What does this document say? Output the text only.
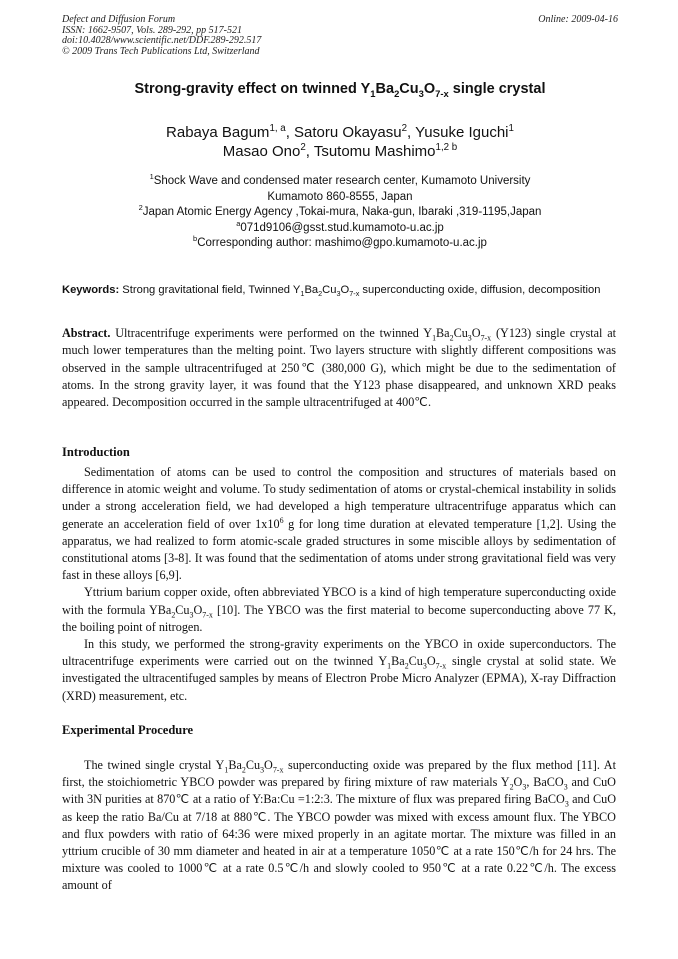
Defect and Diffusion Forum
ISSN: 1662-9507, Vols. 289-292, pp 517-521
doi:10.4028/www.scientific.net/DDF.289-292.517
© 2009 Trans Tech Publications Ltd, Switzerland
Online: 2009-04-16
Strong-gravity effect on twinned $Y_1Ba_2Cu_3O_{7-x}$ single crystal
Rabaya Bagum$^{1, a}$, Satoru Okayasu$^2$, Yusuke Iguchi$^1$
Masao Ono$^2$, Tsutomu Mashimo$^{1,2 b}$
$^1$Shock Wave and condensed mater research center, Kumamoto University
Kumamoto 860-8555, Japan
$^2$Japan Atomic Energy Agency ,Tokai-mura, Naka-gun, Ibaraki ,319-1195,Japan
$^a$071d9106@gsst.stud.kumamoto-u.ac.jp
$^b$Corresponding author: mashimo@gpo.kumamoto-u.ac.jp
Keywords: Strong gravitational field, Twinned $Y_1Ba_2Cu_3O_{7-x}$ superconducting oxide, diffusion, decomposition
Abstract. Ultracentrifuge experiments were performed on the twinned $Y_1Ba_2Cu_3O_{7-x}$ (Y123) single crystal at much lower temperatures than the melting point. Two layers structure with slightly different compositions was observed in the sample ultracentrifuged at 250℃ (380,000 G), which might be due to the sedimentation of atoms. In the strong gravity layer, it was found that the Y123 phase disappeared, and unknown XRD peaks appeared. Decomposition occurred in the sample ultracentrifuged at 400℃.
Introduction

Sedimentation of atoms can be used to control the composition and structures of materials based on difference in atomic weight and volume. To study sedimentation of atoms or crystal-chemical instability in solids under a strong acceleration field, we had developed a high temperature ultracentrifuge apparatus which can generate an acceleration field of over $1x10^6$ g for long time duration at elevated temperature [1,2]. Using the apparatus, we had realized to form atomic-scale graded structures in some miscible alloys by sedimentation of constitutional atoms [3-8]. It was found that the sedimentation of atoms under strong gravitational field was very fast in these alloys [6,9].

Yttrium barium copper oxide, often abbreviated YBCO is a kind of high temperature superconducting oxide with the formula $YBa_2Cu_3O_{7-x}$ [10]. The YBCO was the first material to become superconducting above 77 K, the boiling point of nitrogen.

In this study, we performed the strong-gravity experiments on the YBCO in oxide superconductors. The ultracentrifuge experiments were carried out on the twinned $Y_1Ba_2Cu_3O_{7-x}$ single crystal at solid state. We investigated the ultracentifuged samples by means of Electron Probe Micro Analyzer (EPMA), X-ray Diffraction (XRD) measurement, etc.

Experimental Procedure

The twined single crystal $Y_1Ba_2Cu_3O_{7-x}$ superconducting oxide was prepared by the flux method [11]. At first, the stoichiometric YBCO powder was prepared by firing mixture of raw materials $Y_2O_3$, BaCO$_3$ and CuO with 3N purities at 870℃ at a ratio of Y:Ba:Cu =1:2:3. The mixture of flux was prepared firing BaCO$_3$ and CuO as keep the ratio Ba/Cu at 7/18 at 880℃. The YBCO powder was mixed with excess amount flux. The YBCO and flux powders with ratio of 64:36 were mixed properly in an agitate mortar. The mixture was filled in an yttrium crucible of 30 mm diameter and heated in air at a temperature 1050℃ at a rate 150℃/h for 24 hrs. The mixture was cooled to 1000℃ at a rate 0.5℃/h and slowly cooled to 950℃ at a rate 0.22℃/h. The excess amount of
